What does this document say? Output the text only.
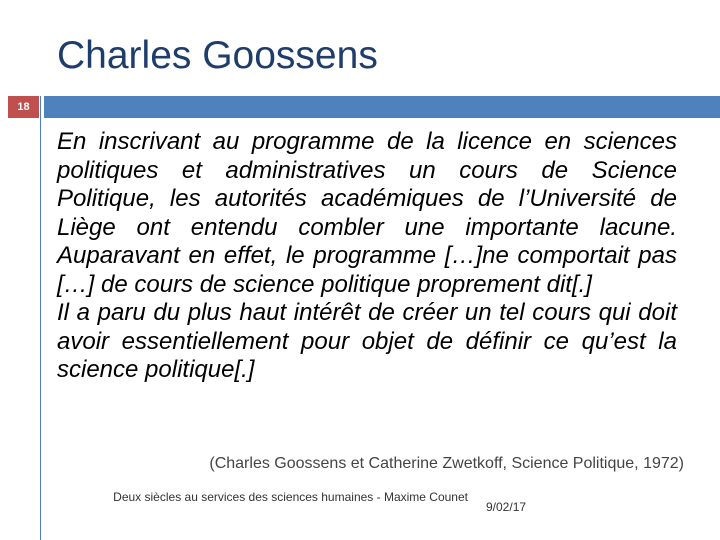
Charles Goossens
18

En inscrivant au programme de la licence en sciences politiques et administratives un cours de Science Politique, les autorités académiques de l’Université de Liège ont entendu combler une importante lacune. Auparavant en effet, le programme […]ne comportait pas […] de cours de science politique proprement dit[.]

Il a paru du plus haut intérêt de créer un tel cours qui doit avoir essentiellement pour objet de définir ce qu’est la science politique[.]

(Charles Goossens et Catherine Zwetkoff, Science Politique, 1972)
Deux siècles au services des sciences humaines - Maxime Counet
9/02/17
